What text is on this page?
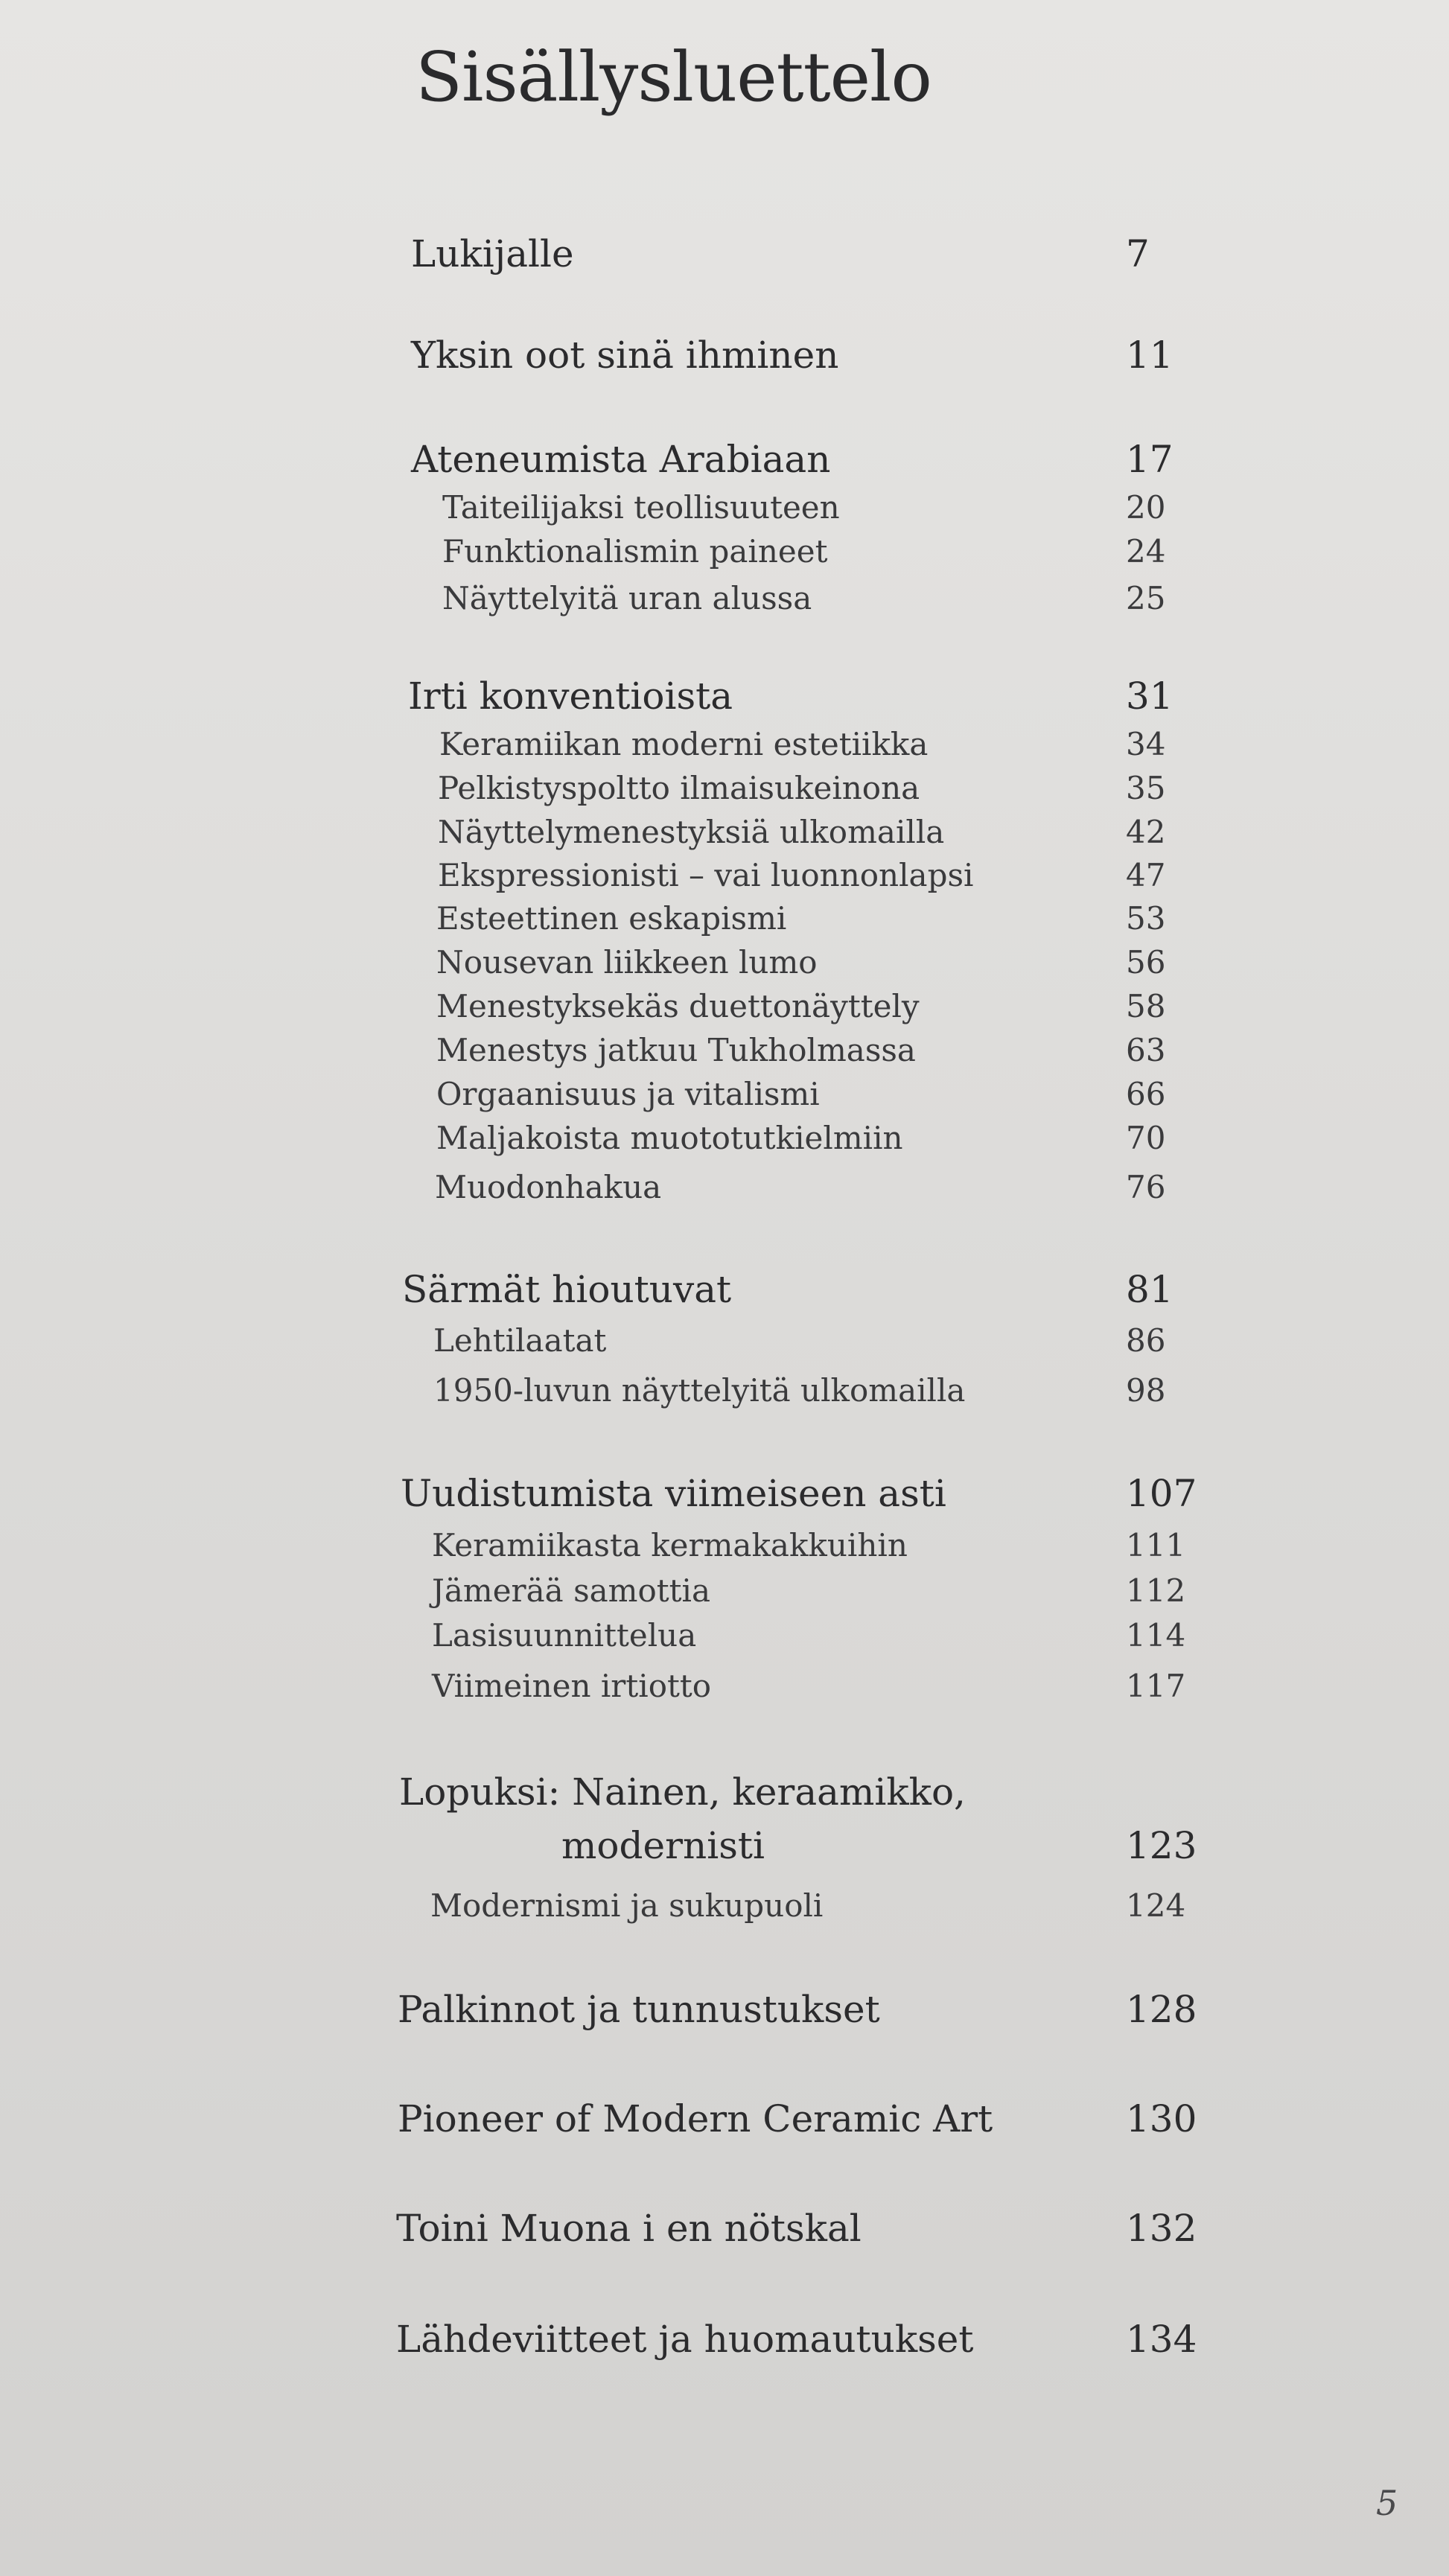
Sisällysluettelo
Lukijalle	7
Yksin oot sinä ihminen	11
Ateneumista Arabiaan	17
Taiteilijaksi teollisuuteen	20
Funktionalismin paineet	24
Näyttelyitä uran alussa	25
Irti konventioista	31
Keramiikan moderni estetiikka	34
Pelkistyspoltto ilmaisukeinona	35
Näyttelymenestyksiä ulkomailla	42
Ekspressionisti – vai luonnonlapsi	47
Esteettinen eskapismi	53
Nousevan liikkeen lumo	56
Menestyksekäs duettonäyttely	58
Menestys jatkuu Tukholmassa	63
Orgaanisuus ja vitalismi	66
Maljakoista muototutkielmiin	70
Muodonhakua	76
Särmät hioutuvat	81
Lehtilaatat	86
1950-luvun näyttelyitä ulkomailla	98
Uudistumista viimeiseen asti	107
Keramiikasta kermakakkuihin	111
Jämerää samottia	112
Lasisuunnittelua	114
Viimeinen irtiotto	117
Lopuksi: Nainen, keraamikko,
modernisti	123
Modernismi ja sukupuoli	124
Palkinnot ja tunnustukset	128
Pioneer of Modern Ceramic Art	130
Toini Muona i en nötskal	132
Lähdeviitteet ja huomautukset	134
5
